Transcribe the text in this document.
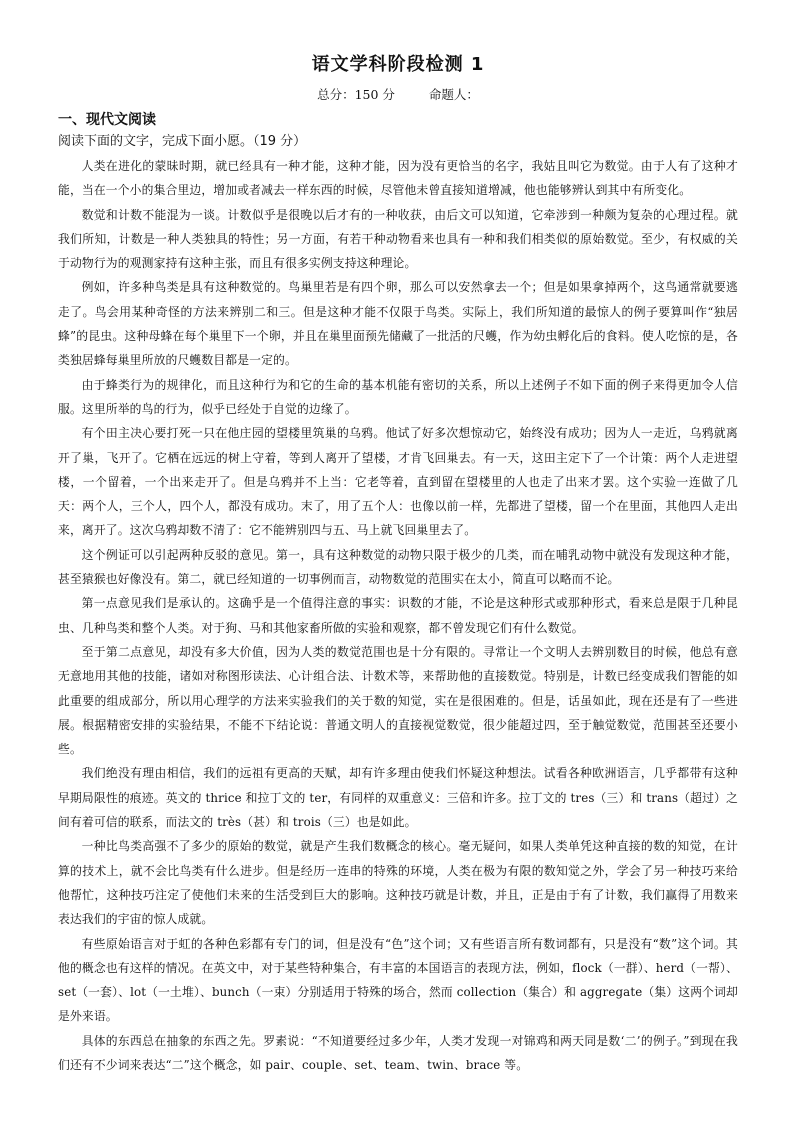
语文学科阶段检测 1
总分：150 分	命题人：
一、现代文阅读
阅读下面的文字，完成下面小愿。（19 分）

人类在进化的蒙昧时期，就已经具有一种才能，这种才能，因为没有更恰当的名字，我姑且叫它为数觉。由于人有了这种才能，当在一个小的集合里边，增加或者减去一样东西的时候，尽管他未曾直接知道增减，他也能够辨认到其中有所变化。

数觉和计数不能混为一谈。计数似乎是很晚以后才有的一种收获，由后文可以知道，它牵涉到一种颇为复杂的心理过程。就我们所知，计数是一种人类独具的特性；另一方面，有若干种动物看来也具有一种和我们相类似的原始数觉。至少，有权威的关于动物行为的观测家持有这种主张，而且有很多实例支持这种理论。

例如，许多种鸟类是具有这种数觉的。鸟巢里若是有四个卵，那么可以安然拿去一个；但是如果拿掉两个，这鸟通常就要逃走了。鸟会用某种奇怪的方法来辨别二和三。但是这种才能不仅限于鸟类。实际上，我们所知道的最惊人的例子要算叫作“独居蜂”的昆虫。这种母蜂在每个巢里下一个卵，并且在巢里面预先储藏了一批活的尺蠖，作为幼虫孵化后的食料。使人吃惊的是，各类独居蜂每巢里所放的尺蠖数目都是一定的。

由于蜂类行为的规律化，而且这种行为和它的生命的基本机能有密切的关系，所以上述例子不如下面的例子来得更加令人信服。这里所举的鸟的行为，似乎已经处于自觉的边缘了。

有个田主决心要打死一只在他庄园的望楼里筑巢的乌鸦。他试了好多次想惊动它，始终没有成功；因为人一走近，乌鸦就离开了巢，飞开了。它栖在远远的树上守着，等到人离开了望楼，才肯飞回巢去。有一天，这田主定下了一个计策：两个人走进望楼，一个留着，一个出来走开了。但是乌鸦并不上当：它老等着，直到留在望楼里的人也走了出来才罢。这个实验一连做了几天：两个人，三个人，四个人，都没有成功。末了，用了五个人：也像以前一样，先都进了望楼，留一个在里面，其他四人走出来，离开了。这次乌鸦却数不清了：它不能辨别四与五、马上就飞回巢里去了。

这个例证可以引起两种反驳的意见。第一，具有这种数觉的动物只限于极少的几类，而在哺乳动物中就没有发现这种才能，甚至猿猴也好像没有。第二，就已经知道的一切事例而言，动物数觉的范围实在太小，简直可以略而不论。

第一点意见我们是承认的。这确乎是一个值得注意的事实：识数的才能，不论是这种形式或那种形式，看来总是限于几种昆虫、几种鸟类和整个人类。对于狗、马和其他家畜所做的实验和观察，都不曾发现它们有什么数觉。

至于第二点意见，却没有多大价值，因为人类的数觉范围也是十分有限的。寻常让一个文明人去辨别数目的时候，他总有意无意地用其他的技能，诸如对称图形读法、心计组合法、计数术等，来帮助他的直接数觉。特别是，计数已经变成我们智能的如此重要的组成部分，所以用心理学的方法来实验我们的关于数的知觉，实在是很困难的。但是，话虽如此，现在还是有了一些进展。根据精密安排的实验结果，不能不下结论说：普通文明人的直接视觉数觉，很少能超过四，至于触觉数觉，范围甚至还要小些。

我们绝没有理由相信，我们的远祖有更高的天赋，却有许多理由使我们怀疑这种想法。试看各种欧洲语言，几乎都带有这种早期局限性的痕迹。英文的 thrice 和拉丁文的 ter，有同样的双重意义：三倍和许多。拉丁文的 tres（三）和 trans（超过）之间有着可信的联系，而法文的 très（甚）和 trois（三）也是如此。

一种比鸟类高强不了多少的原始的数觉，就是产生我们数概念的核心。毫无疑问，如果人类单凭这种直接的数的知觉，在计算的技术上，就不会比鸟类有什么进步。但是经历一连串的特殊的环境，人类在极为有限的数知觉之外，学会了另一种技巧来给他帮忙，这种技巧注定了使他们未来的生活受到巨大的影响。这种技巧就是计数，并且，正是由于有了计数，我们赢得了用数来表达我们的宇宙的惊人成就。

有些原始语言对于虹的各种色彩都有专门的词，但是没有“色”这个词；又有些语言所有数词都有，只是没有“数”这个词。其他的概念也有这样的情况。在英文中，对于某些特种集合，有丰富的本国语言的表现方法，例如，flock（一群）、herd（一帮）、set（一套）、lot（一土堆）、bunch（一束）分别适用于特殊的场合，然而 collection（集合）和 aggregate（集）这两个词却是外来语。

具体的东西总在抽象的东西之先。罗素说：“不知道要经过多少年，人类才发现一对锦鸡和两天同是数‘二’的例子。”到现在我们还有不少词来表达“二”这个概念，如 pair、couple、set、team、twin、brace 等。
